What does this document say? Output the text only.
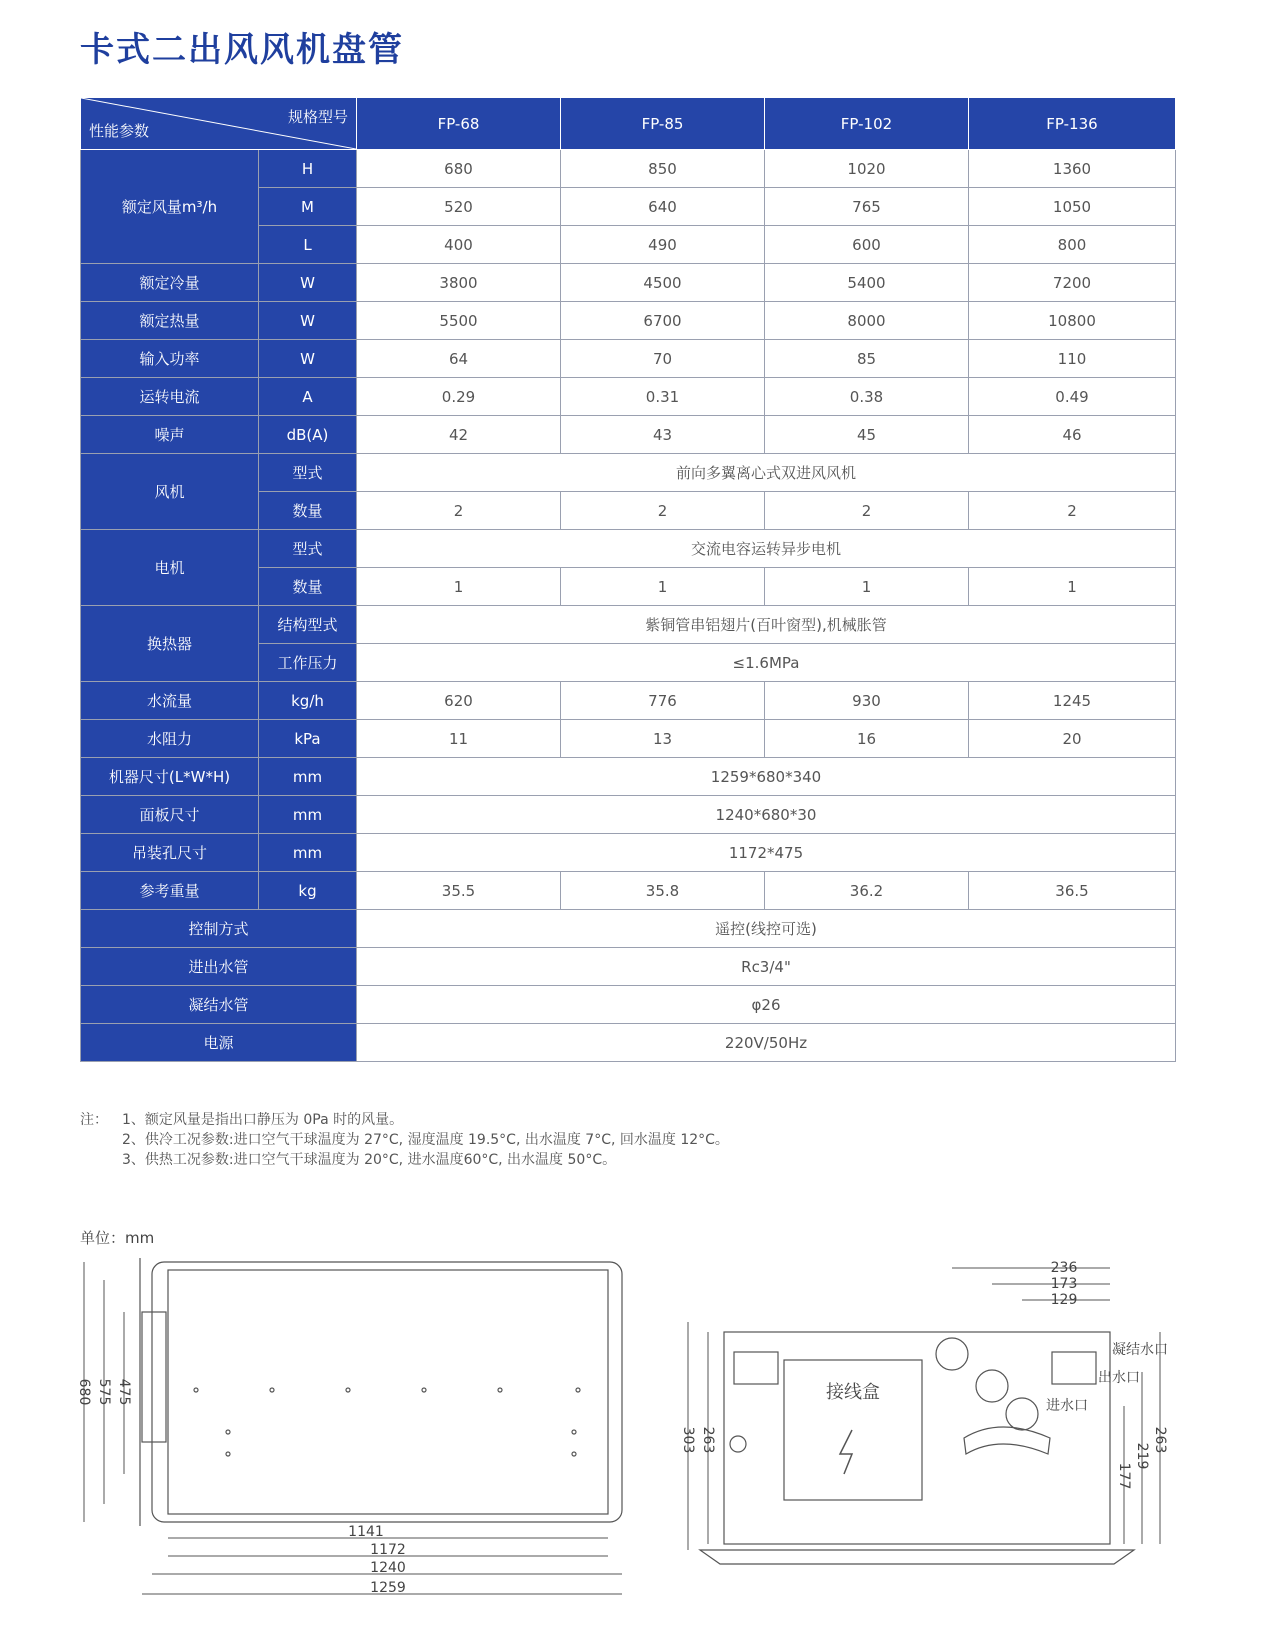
卡式二出风风机盘管
规格型号
性能参数		FP-68	FP-85	FP-102	FP-136
额定风量m³/h	H	680	850	1020	1360
	M	520	640	765	1050
	L	400	490	600	800
额定冷量	W	3800	4500	5400	7200
额定热量	W	5500	6700	8000	10800
输入功率	W	64	70	85	110
运转电流	A	0.29	0.31	0.38	0.49
噪声	dB(A)	42	43	45	46
风机	型式	前向多翼离心式双进风风机			
	数量	2	2	2	2
电机	型式	交流电容运转异步电机			
	数量	1	1	1	1
换热器	结构型式	紫铜管串铝翅片(百叶窗型),机械胀管			
	工作压力	≤1.6MPa			
水流量	kg/h	620	776	930	1245
水阻力	kPa	11	13	16	20
机器尺寸(L*W*H)	mm	1259*680*340			
面板尺寸	mm	1240*680*30			
吊装孔尺寸	mm	1172*475			
参考重量	kg	35.5	35.8	36.2	36.5
控制方式		遥控(线控可选)			
进出水管		Rc3/4"			
凝结水管		φ26			
电源		220V/50Hz			
注： 1、额定风量是指出口静压为 0Pa 时的风量。
2、供冷工况参数:进口空气干球温度为 27°C, 湿度温度 19.5°C, 出水温度 7°C, 回水温度 12°C。
3、供热工况参数:进口空气干球温度为 20°C, 进水温度60°C, 出水温度 50°C。
单位：mm
1141
1172
1240
1259
680 575 475
236
173
129
303 263
177
219
263
接线盒
凝结水口
出水口
进水口
